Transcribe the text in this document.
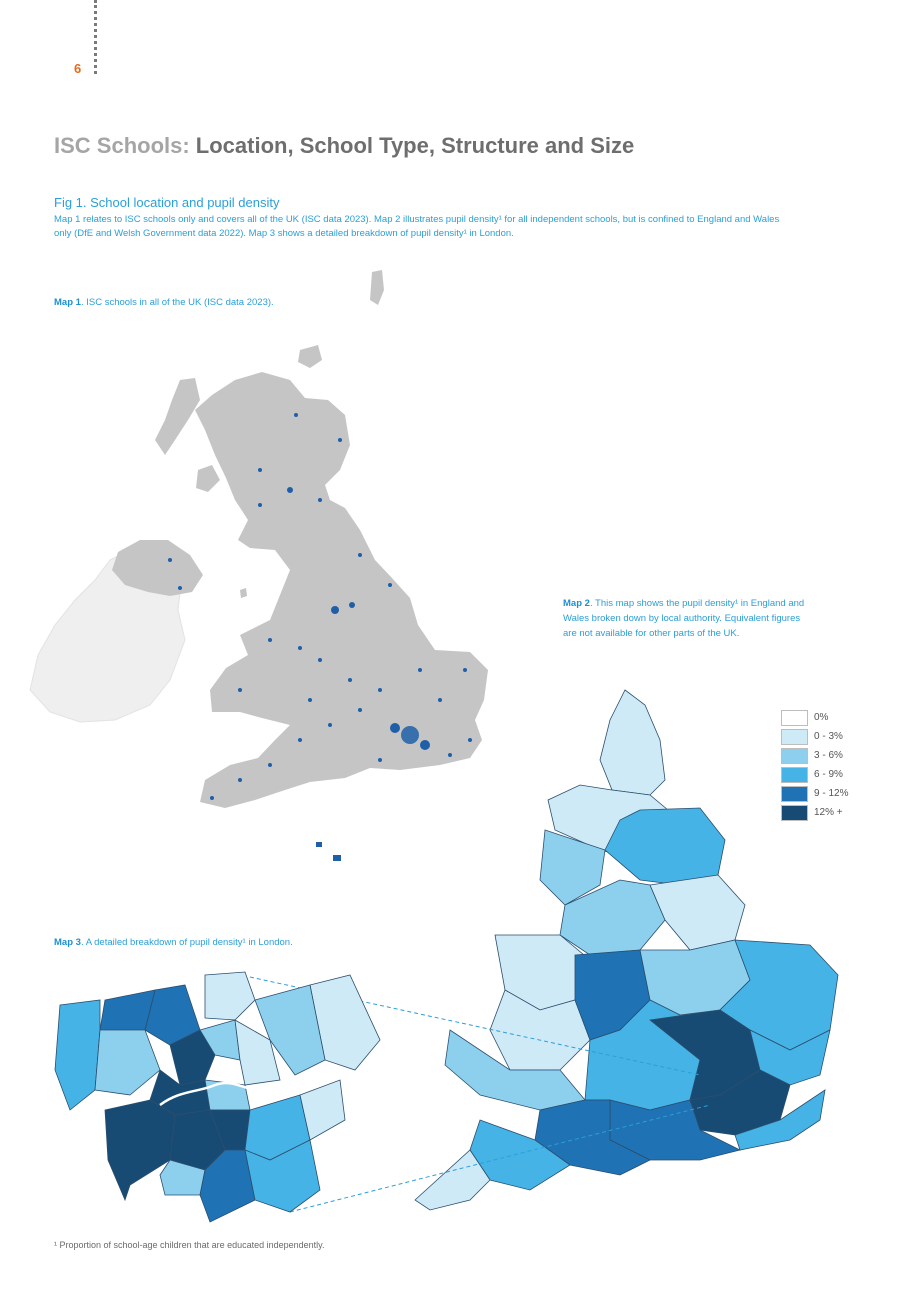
6
ISC Schools: Location, School Type, Structure and Size
Fig 1. School location and pupil density
Map 1 relates to ISC schools only and covers all of the UK (ISC data 2023). Map 2 illustrates pupil density¹ for all independent schools, but is confined to England and Wales only (DfE and Welsh Government data 2022). Map 3 shows a detailed breakdown of pupil density¹ in London.
Map 1. ISC schools in all of the UK (ISC data 2023).
Map 2. This map shows the pupil density¹ in England and Wales broken down by local authority. Equivalent figures are not available for other parts of the UK.
Map 3. A detailed breakdown of pupil density¹ in London.
0%
0 - 3%
3 - 6%
6 - 9%
9 - 12%
12% +
¹ Proportion of school-age children that are educated independently.
